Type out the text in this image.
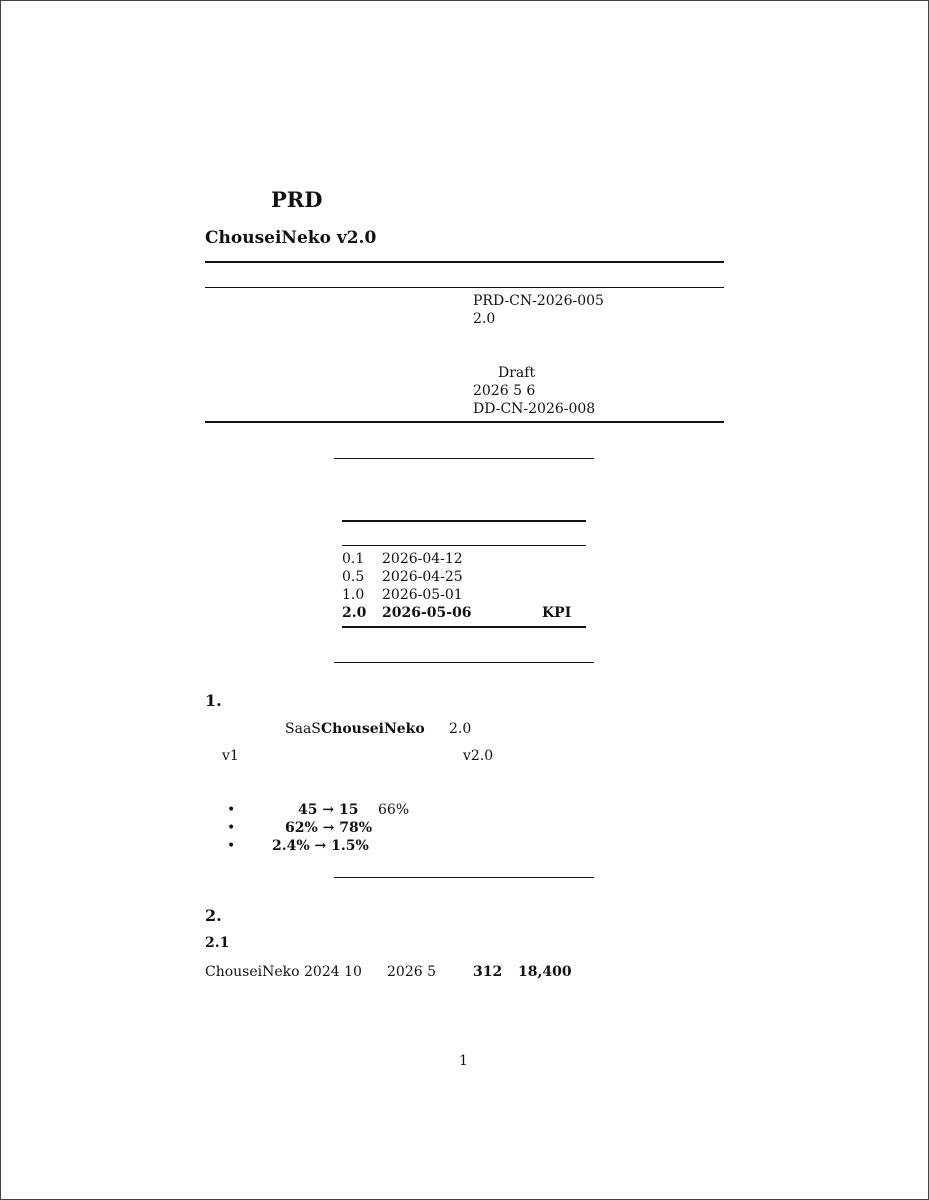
PRD
ChouseiNeko v2.0
PRD-CN-2026-005
2.0
Draft
2026 5 6
DD-CN-2026-008
0.1 2026-04-12
0.5 2026-04-25
1.0 2026-05-01
2.0 2026-05-06	KPI
1.
SaaS ChouseiNeko 2.0
v1	v2.0
•	45 → 15 66%
•	62% → 78%
•	2.4% → 1.5%
2.
2.1
ChouseiNeko 2024 10 2026 5	312 18,400
1
